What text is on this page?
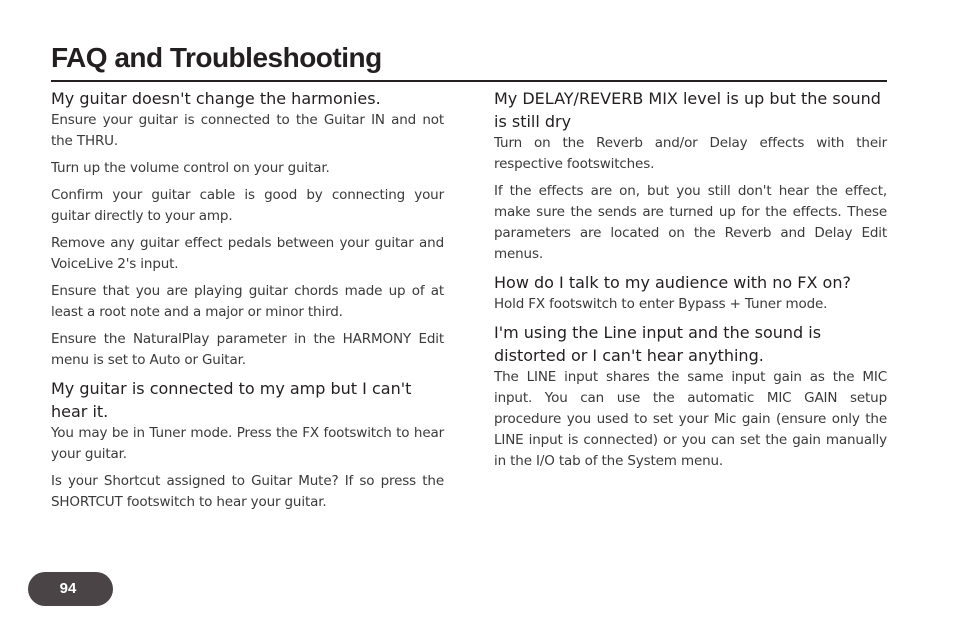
FAQ and Troubleshooting
My guitar doesn't change the harmonies.

Ensure your guitar is connected to the Guitar IN and not the THRU.

Turn up the volume control on your guitar.

Confirm your guitar cable is good by connecting your guitar directly to your amp.

Remove any guitar effect pedals between your guitar and VoiceLive 2's input.

Ensure that you are playing guitar chords made up of at least a root note and a major or minor third.

Ensure the NaturalPlay parameter in the HARMONY Edit menu is set to Auto or Guitar.

My guitar is connected to my amp but I can't hear it.

You may be in Tuner mode. Press the FX footswitch to hear your guitar.

Is your Shortcut assigned to Guitar Mute? If so press the SHORTCUT footswitch to hear your guitar.

My DELAY/REVERB MIX level is up but the sound is still dry

Turn on the Reverb and/or Delay effects with their respective footswitches.

If the effects are on, but you still don't hear the effect, make sure the sends are turned up for the effects. These parameters are located on the Reverb and Delay Edit menus.

How do I talk to my audience with no FX on?

Hold FX footswitch to enter Bypass + Tuner mode.

I'm using the Line input and the sound is distorted or I can't hear anything.

The LINE input shares the same input gain as the MIC input. You can use the automatic MIC GAIN setup procedure you used to set your Mic gain (ensure only the LINE input is connected) or you can set the gain manually in the I/O tab of the System menu.

94
